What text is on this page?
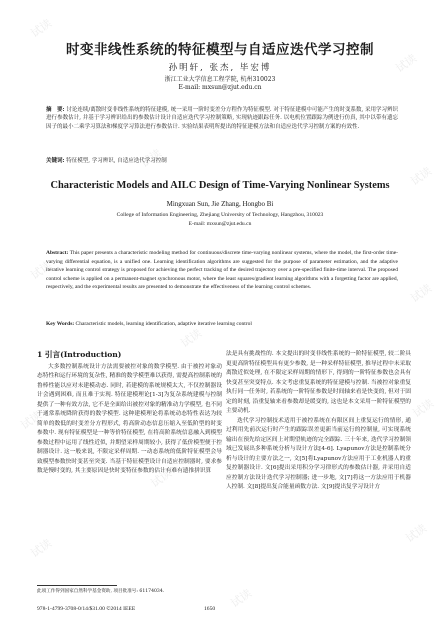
试读
试读
试读
试读
试读
试读
试读
试读
试读
试读
试读
试读
试读
时变非线性系统的特征模型与自适应迭代学习控制
孙明轩, 张杰, 毕宏博
浙江工业大学信息工程学院, 杭州310023
E-mail: mxsun@zjut.edu.cn
摘　要: 讨论连续/离散时变非线性系统的特征建模, 统一采用一阶时变差分方程作为特征模型. 对于特征建模中可能产生的时变系数, 采用学习辨识进行参数估计, 并基于学习辨识给出的参数估计设计自适应迭代学习控制策略, 实现轨迹跟踪任务. 以电机位置跟踪为例进行仿真, 其中以带有遗忘因子的最小二乘学习算法和梯度学习算法进行参数估计. 实验结果表明所提出的特征建模方法和自适应迭代学习控制方案的有效性.
关键词: 特征模型, 学习辨识, 自适应迭代学习控制
Characteristic Models and AILC Design of Time-Varying Nonlinear Systems
Mingxuan Sun, Jie Zhang, Hongbo Bi
College of Information Engineering, Zhejiang University of Technology, Hangzhou, 310023
E-mail: mxsun@zjut.edu.cn
Abstract: This paper presents a characteristic modeling method for continuous/discrete time-varying nonlinear systems, where the model, the first-order time-varying differential equation, is a unified one. Learning identification algorithms are suggested for the purpose of parameter estimation, and the adaptive iterative learning control strategy is proposed for achieving the perfect tracking of the desired trajectory over a pre-specified finite-time interval. The proposed control scheme is applied on a permanent-magnet synchronous motor, where the least squares/gradient learning algorithms with a forgetting factor are applied, respectively, and the experimental results are presented to demonstrate the effectiveness of the learning control schemes.
Key Words: Characteristic models, learning identification, adaptive iterative learning control
1 引言(Introduction)

大多数控制系统设计方法需要被控对象的数学模型. 由于被控对象动态特性和运行环境的复杂性, 精准的数学模型难以获得, 需提高控制系统的鲁棒性能以应对未建模动态. 同时, 若建模的系统规模太大, 不仅控制器设计会遇到困难, 而且难于实现. 特征建模理论[1-3]为复杂系统建模与控制提供了一种有效方法, 它不是全面给出被控对象的精准动力学模型, 也不同于通常系统降阶获得的数学模型. 这种建模理论将系统动态特性表达为较简单的数低的时变差分方程形式, 将高阶动态信息压缩入至低阶型的时变参数中. 现有特征模型是一种等价特征模型, 在将高阶系统信息融入到模型参数过程中运用了线性近似, 并期望采样周期较小, 获得了低价模型便于控制器设计. 这一般来说, 不限定采样周期. 一动态系统的低阶特征模型会导致模型参数快时变甚至突变. 当基于特征模型设计自适应控制器时, 要求参数是慢时变的, 其主要原因是快时变特征参数的估计有难有遗推拼识算

法是具有挑战性的. 本文提出的时变非线性系统的一阶特征模型, 较二阶具更更高阶特征模型具有更少参数, 是一种采样特征模型, 推导过程中未采取离散近似处理, 在不限定采样周期的情形下, 得到的一阶特征参数也会具有快变甚至突变特点. 本文考虑重复系统的特征建模与控制. 当被控对象重复执行同一任务时, 若系统的一阶特征参数是时间轴来看是快变的, 但对于固定的时刻, 沿重复轴来看参数却是缓变的, 这也是本文采用一阶特征模型的主要动机.

迭代学习控制技术适用于被控系统在有限区间上重复运行的情形, 通过利用先前次运行时产生的跟踪误差更新当前运行的控制量, 可实现系统输出在预先给定区间上对期望轨迹的完全跟踪. 三十年来, 迭代学习控制领域已发展出多种系统分析与设计方法[4-6]. Lyapunov方法是控制系统分析与设计的主要方法之一, 文[5]将Lyapunov方法应用于工业机器人的重复控制器设计. 文[6]提出采用积分学习律形式的参数估计器, 并采用自适应控制方法设计迭代学习控制器; 进一步地, 文[7]将这一方法应用于机器人控制. 文[8]提出复合能量函数方法. 文[9]提出复学习设计方

此项工作得到国家自然科学基金资助, 项目批准号: 61174034.
978-1-4799-3708-0/14/$31.00 ©2014 IEEE	1650
